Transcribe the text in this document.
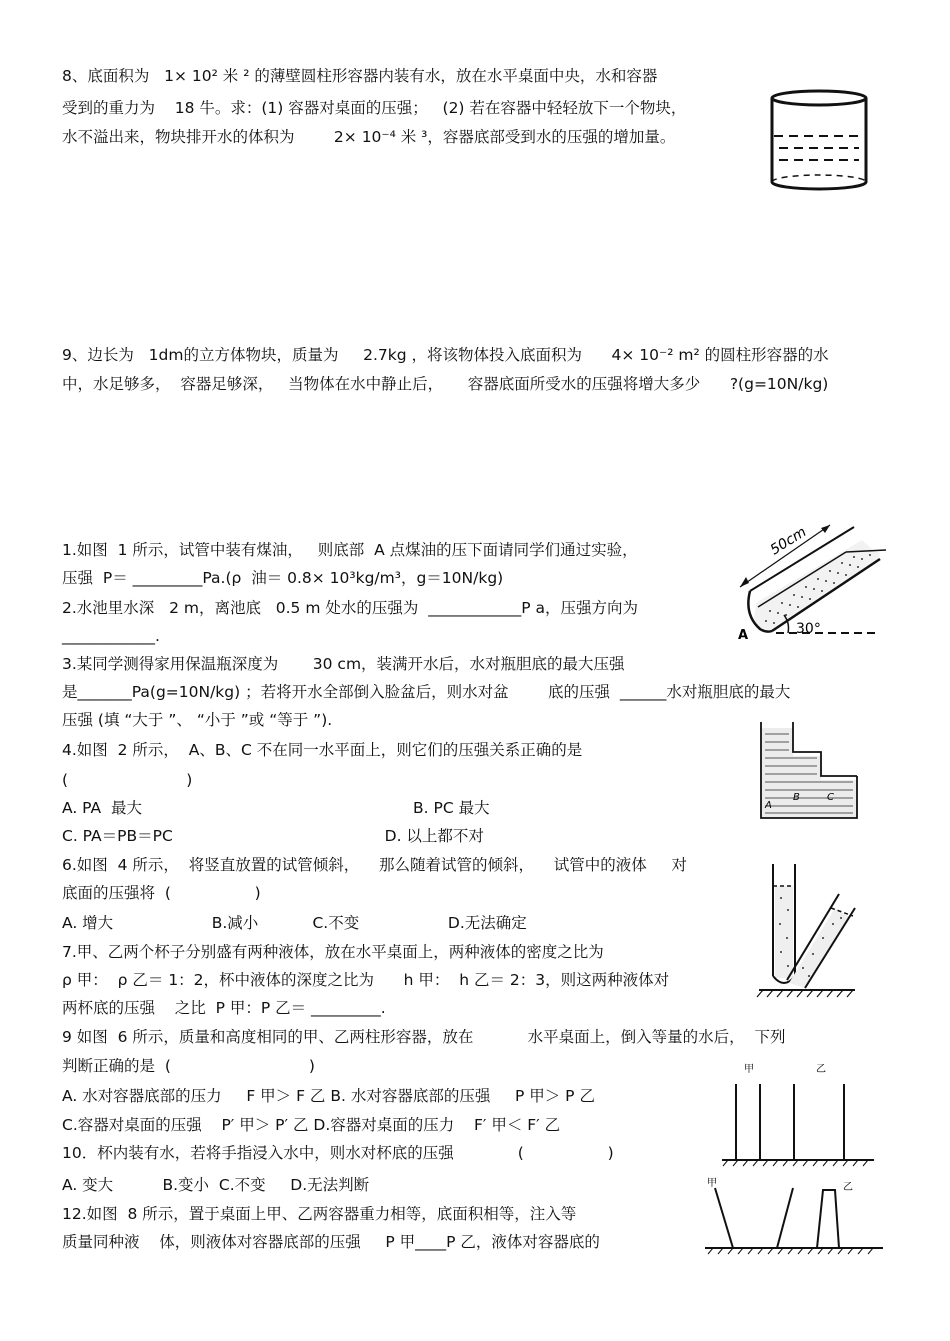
8、底面积为   1× 10² 米 ² 的薄壁圆柱形容器内装有水，放在水平桌面中央，水和容器
受到的重力为    18 牛。求：(1) 容器对桌面的压强；   (2) 若在容器中轻轻放下一个物块，
水不溢出来，物块排开水的体积为        2× 10⁻⁴ 米 ³，容器底部受到水的压强的增加量。
9、边长为   1dm的立方体物块，质量为     2.7kg ，将该物体投入底面积为      4× 10⁻² m² 的圆柱形容器的水
中，水足够多，  容器足够深，   当物体在水中静止后，     容器底面所受水的压强将增大多少      ?(g=10N/kg)
1.如图  1 所示，试管中装有煤油，   则底部  A 点煤油的压下面请同学们通过实验，
压强  P＝ _________Pa.(ρ  油＝ 0.8× 10³kg/m³，g＝10N/kg)
2.水池里水深   2 m，离池底   0.5 m 处水的压强为  ____________P a，压强方向为
____________.
3.某同学测得家用保温瓶深度为       30 cm，装满开水后，水对瓶胆底的最大压强
是_______Pa(g=10N/kg) ；若将开水全部倒入脸盆后，则水对盆        底的压强  ______水对瓶胆底的最大
压强 (填 “大于 ”、 “小于 ”或 “等于 ”).
4.如图  2 所示，  A、B、C 不在同一水平面上，则它们的压强关系正确的是
(                        )
A. PA  最大                                                       B. PC 最大
C. PA＝PB＝PC                                           D. 以上都不对
6.如图  4 所示，  将竖直放置的试管倾斜，    那么随着试管的倾斜，    试管中的液体     对
底面的压强将  (                 )
A. 增大                    B.减小           C.不变                  D.无法确定
7.甲、乙两个杯子分别盛有两种液体，放在水平桌面上，两种液体的密度之比为
ρ 甲：  ρ 乙＝ 1：2，杯中液体的深度之比为      h 甲：  h 乙＝ 2：3，则这两种液体对
两杯底的压强    之比  P 甲：P 乙＝ _________.
9 如图  6 所示，质量和高度相同的甲、乙两柱形容器，放在           水平桌面上，倒入等量的水后，  下列
判断正确的是  (                            )
A. 水对容器底部的压力     F 甲＞ F 乙 B. 水对容器底部的压强     P 甲＞ P 乙
C.容器对桌面的压强    P′ 甲＞ P′ 乙 D.容器对桌面的压力    F′ 甲＜ F′ 乙
10．杯内装有水，若将手指浸入水中，则水对杯底的压强             (                 )
A. 变大          B.变小  C.不变     D.无法判断
12.如图  8 所示，置于桌面上甲、乙两容器重力相等，底面积相等，注入等
质量同种液    体，则液体对容器底部的压强     P 甲____P 乙，液体对容器底的
50cm
30°
A
A
B	C
甲	乙
甲	乙
